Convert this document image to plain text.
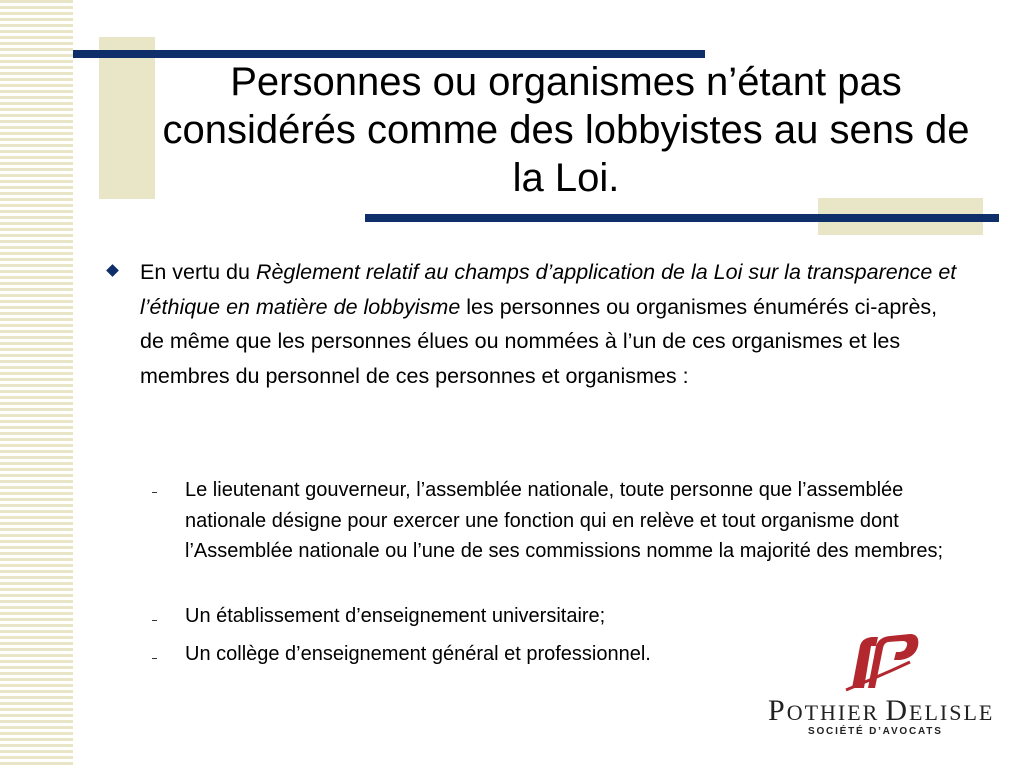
Personnes ou organismes n’étant pas considérés comme des lobbyistes au sens de la Loi.
En vertu du Règlement relatif au champs d’application de la Loi sur la transparence et l’éthique en matière de lobbyisme les personnes ou organismes énumérés ci-après, de même que les personnes élues ou nommées à l’un de ces organismes et les membres du personnel de ces personnes et organismes :
Le lieutenant gouverneur, l’assemblée nationale, toute personne que l’assemblée nationale désigne pour exercer une fonction qui en relève et tout organisme dont l’Assemblée nationale ou l’une de ses commissions nomme la majorité des membres;
Un établissement d’enseignement universitaire;
Un collège d’enseignement général et professionnel.
POTHIER DELISLE
SOCIÉTÉ D’AVOCATS
